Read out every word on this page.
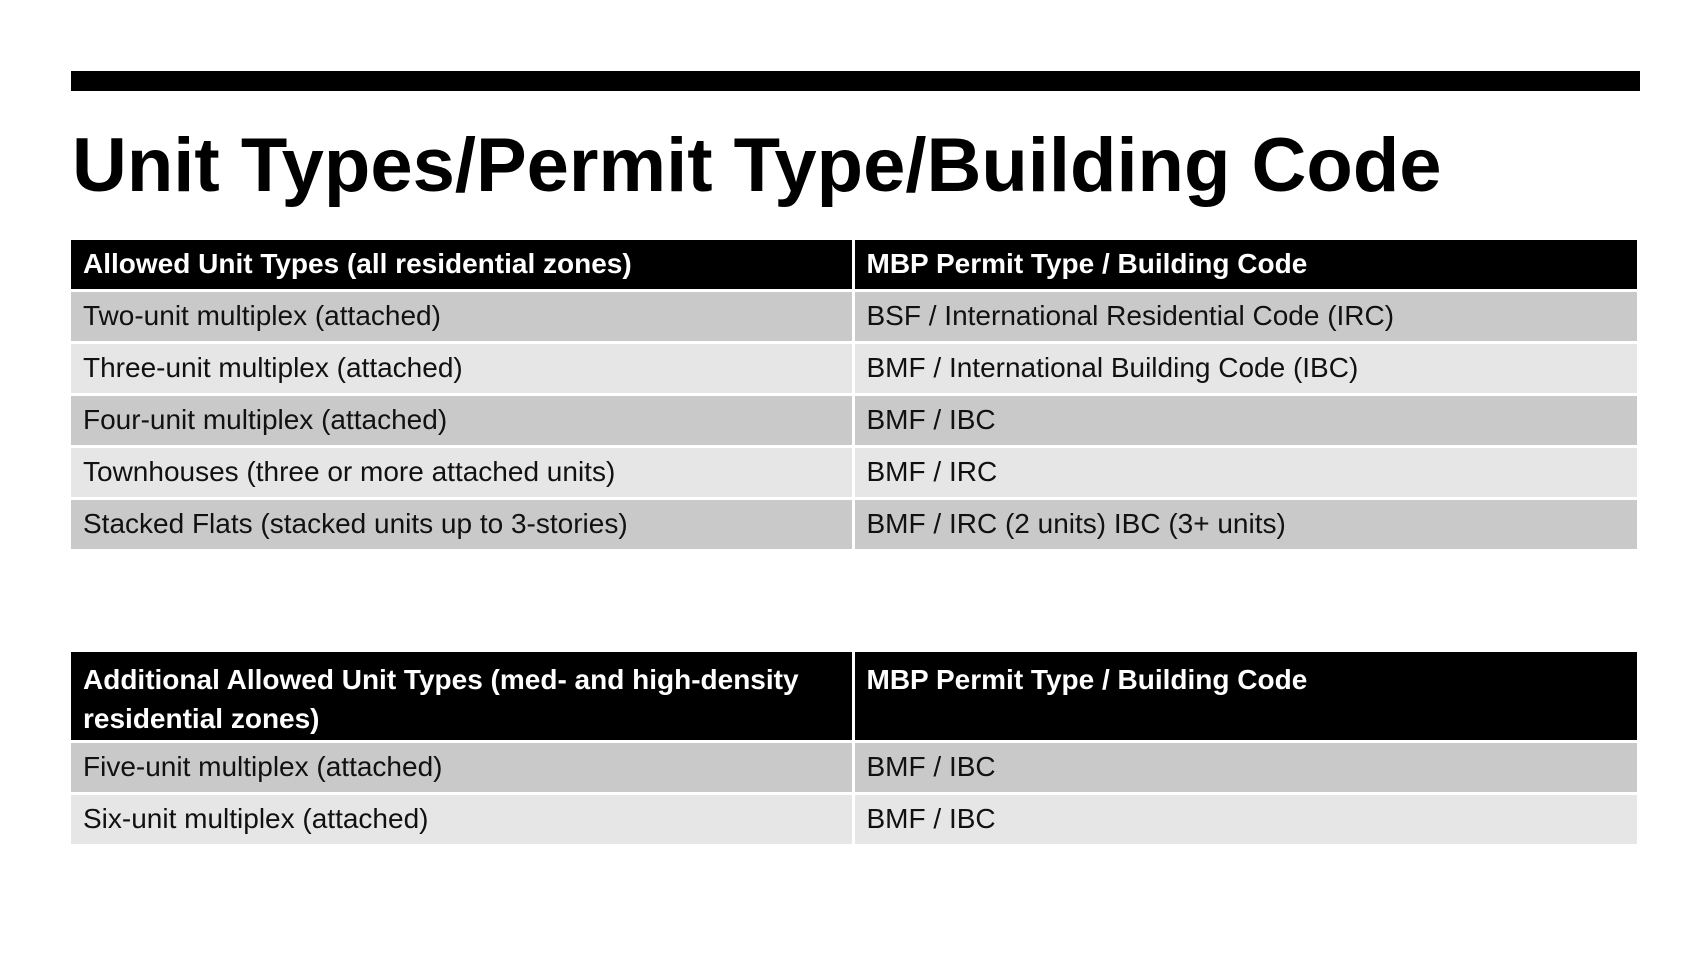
Unit Types/Permit Type/Building Code
Allowed Unit Types (all residential zones)	MBP Permit Type / Building Code
Two-unit multiplex (attached)	BSF / International Residential Code (IRC)
Three-unit multiplex (attached)	BMF / International Building Code (IBC)
Four-unit multiplex (attached)	BMF / IBC
Townhouses (three or more attached units)	BMF / IRC
Stacked Flats (stacked units up to 3-stories)	BMF / IRC (2 units) IBC (3+ units)
Additional Allowed Unit Types (med- and high-density residential zones)	MBP Permit Type / Building Code
Five-unit multiplex (attached)	BMF / IBC
Six-unit multiplex (attached)	BMF / IBC
